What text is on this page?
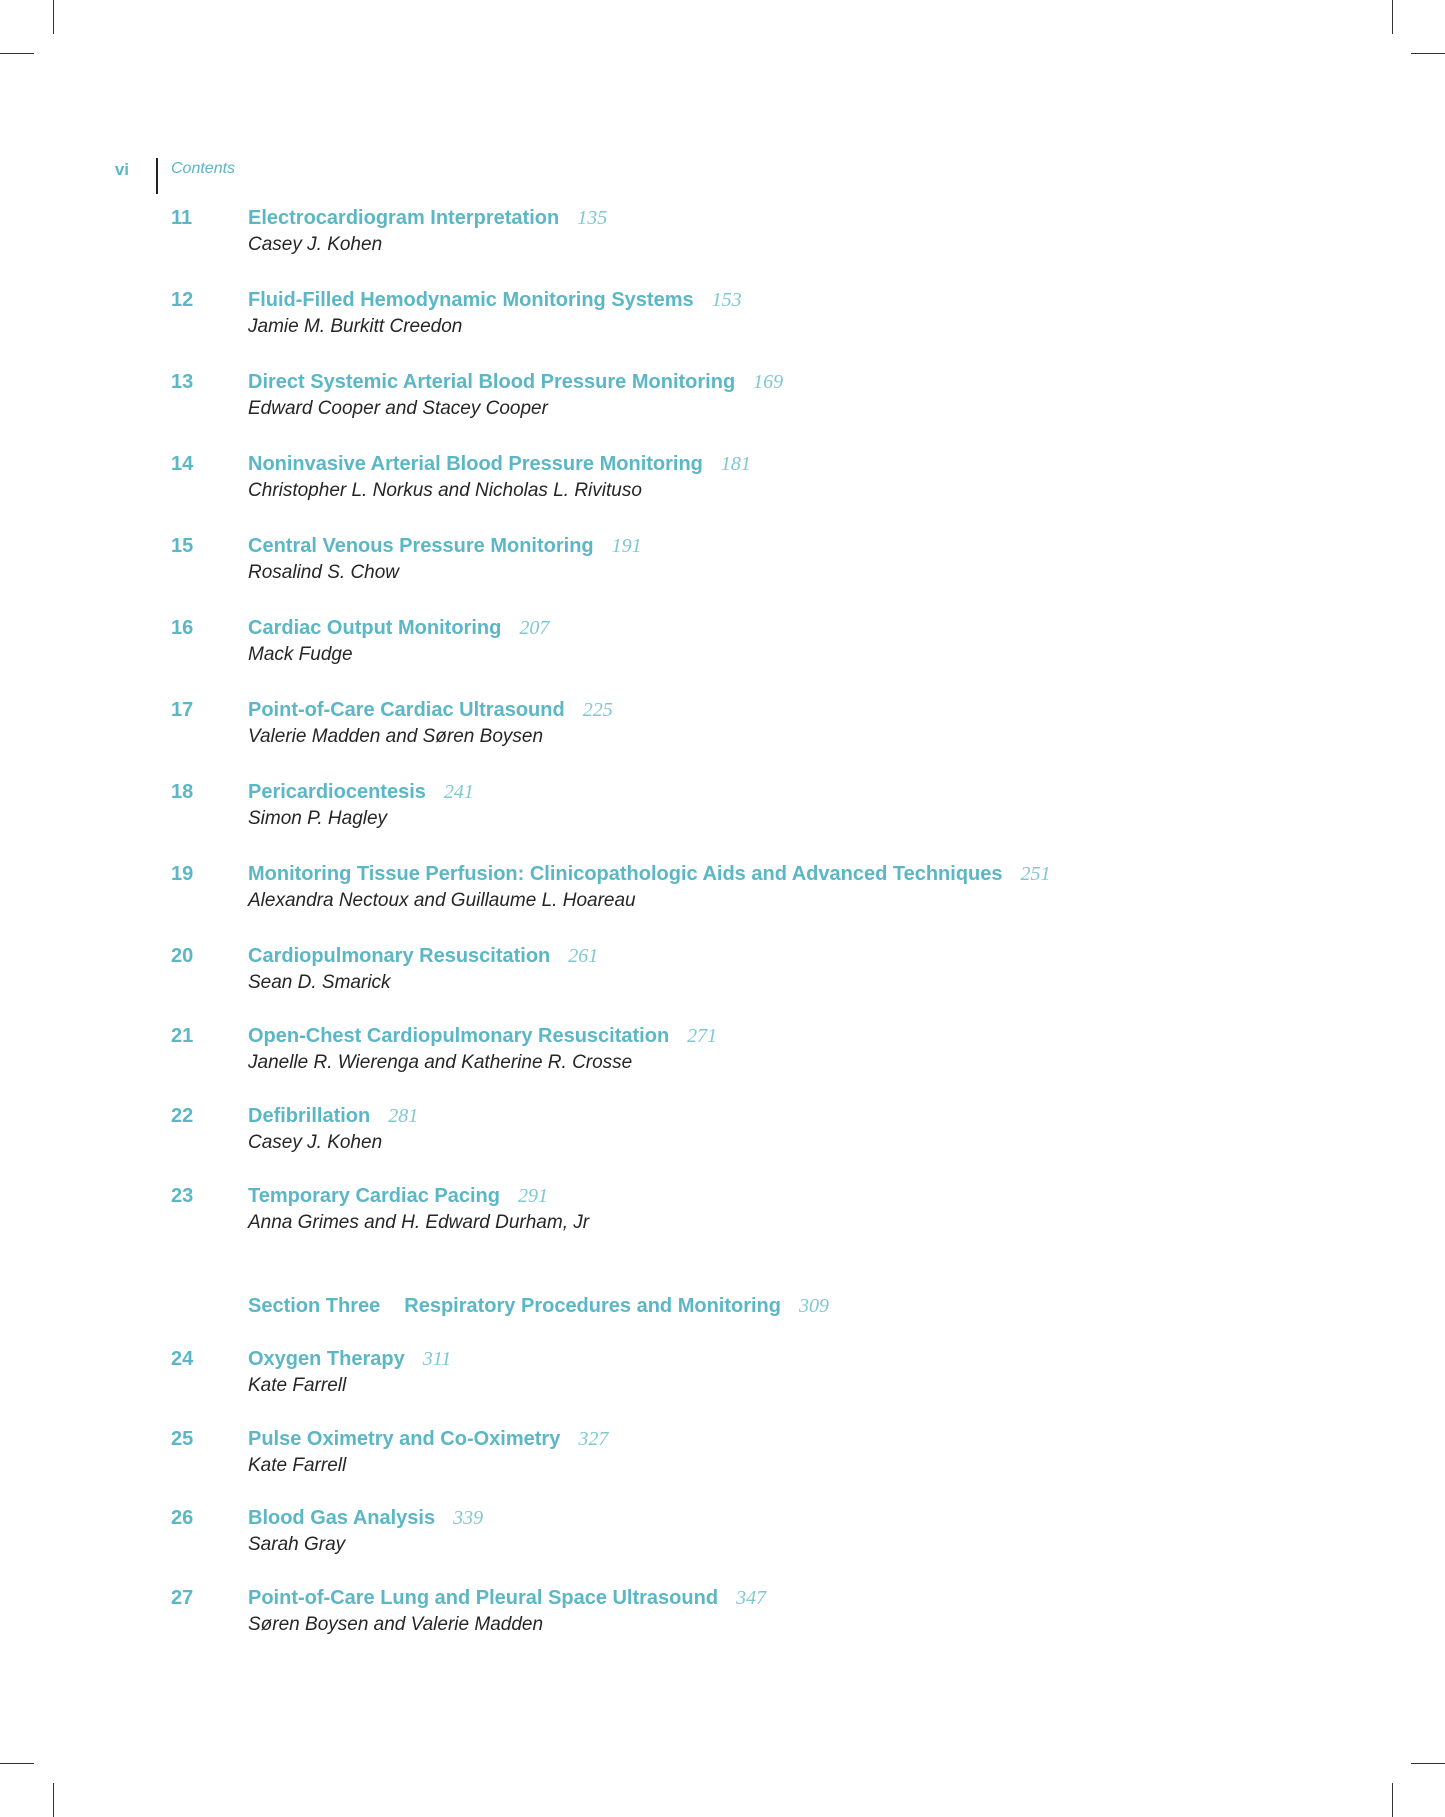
vi	Contents
11	Electrocardiogram Interpretation 135
Casey J. Kohen
12	Fluid-Filled Hemodynamic Monitoring Systems 153
Jamie M. Burkitt Creedon
13	Direct Systemic Arterial Blood Pressure Monitoring 169
Edward Cooper and Stacey Cooper
14	Noninvasive Arterial Blood Pressure Monitoring 181
Christopher L. Norkus and Nicholas L. Rivituso
15	Central Venous Pressure Monitoring 191
Rosalind S. Chow
16	Cardiac Output Monitoring 207
Mack Fudge
17	Point-of-Care Cardiac Ultrasound 225
Valerie Madden and Søren Boysen
18	Pericardiocentesis 241
Simon P. Hagley
19	Monitoring Tissue Perfusion: Clinicopathologic Aids and Advanced Techniques 251
Alexandra Nectoux and Guillaume L. Hoareau
20	Cardiopulmonary Resuscitation 261
Sean D. Smarick
21	Open-Chest Cardiopulmonary Resuscitation 271
Janelle R. Wierenga and Katherine R. Crosse
22	Defibrillation 281
Casey J. Kohen
23	Temporary Cardiac Pacing 291
Anna Grimes and H. Edward Durham, Jr
Section Three Respiratory Procedures and Monitoring 309
24	Oxygen Therapy 311
Kate Farrell
25	Pulse Oximetry and Co-Oximetry 327
Kate Farrell
26	Blood Gas Analysis 339
Sarah Gray
27	Point-of-Care Lung and Pleural Space Ultrasound 347
Søren Boysen and Valerie Madden
